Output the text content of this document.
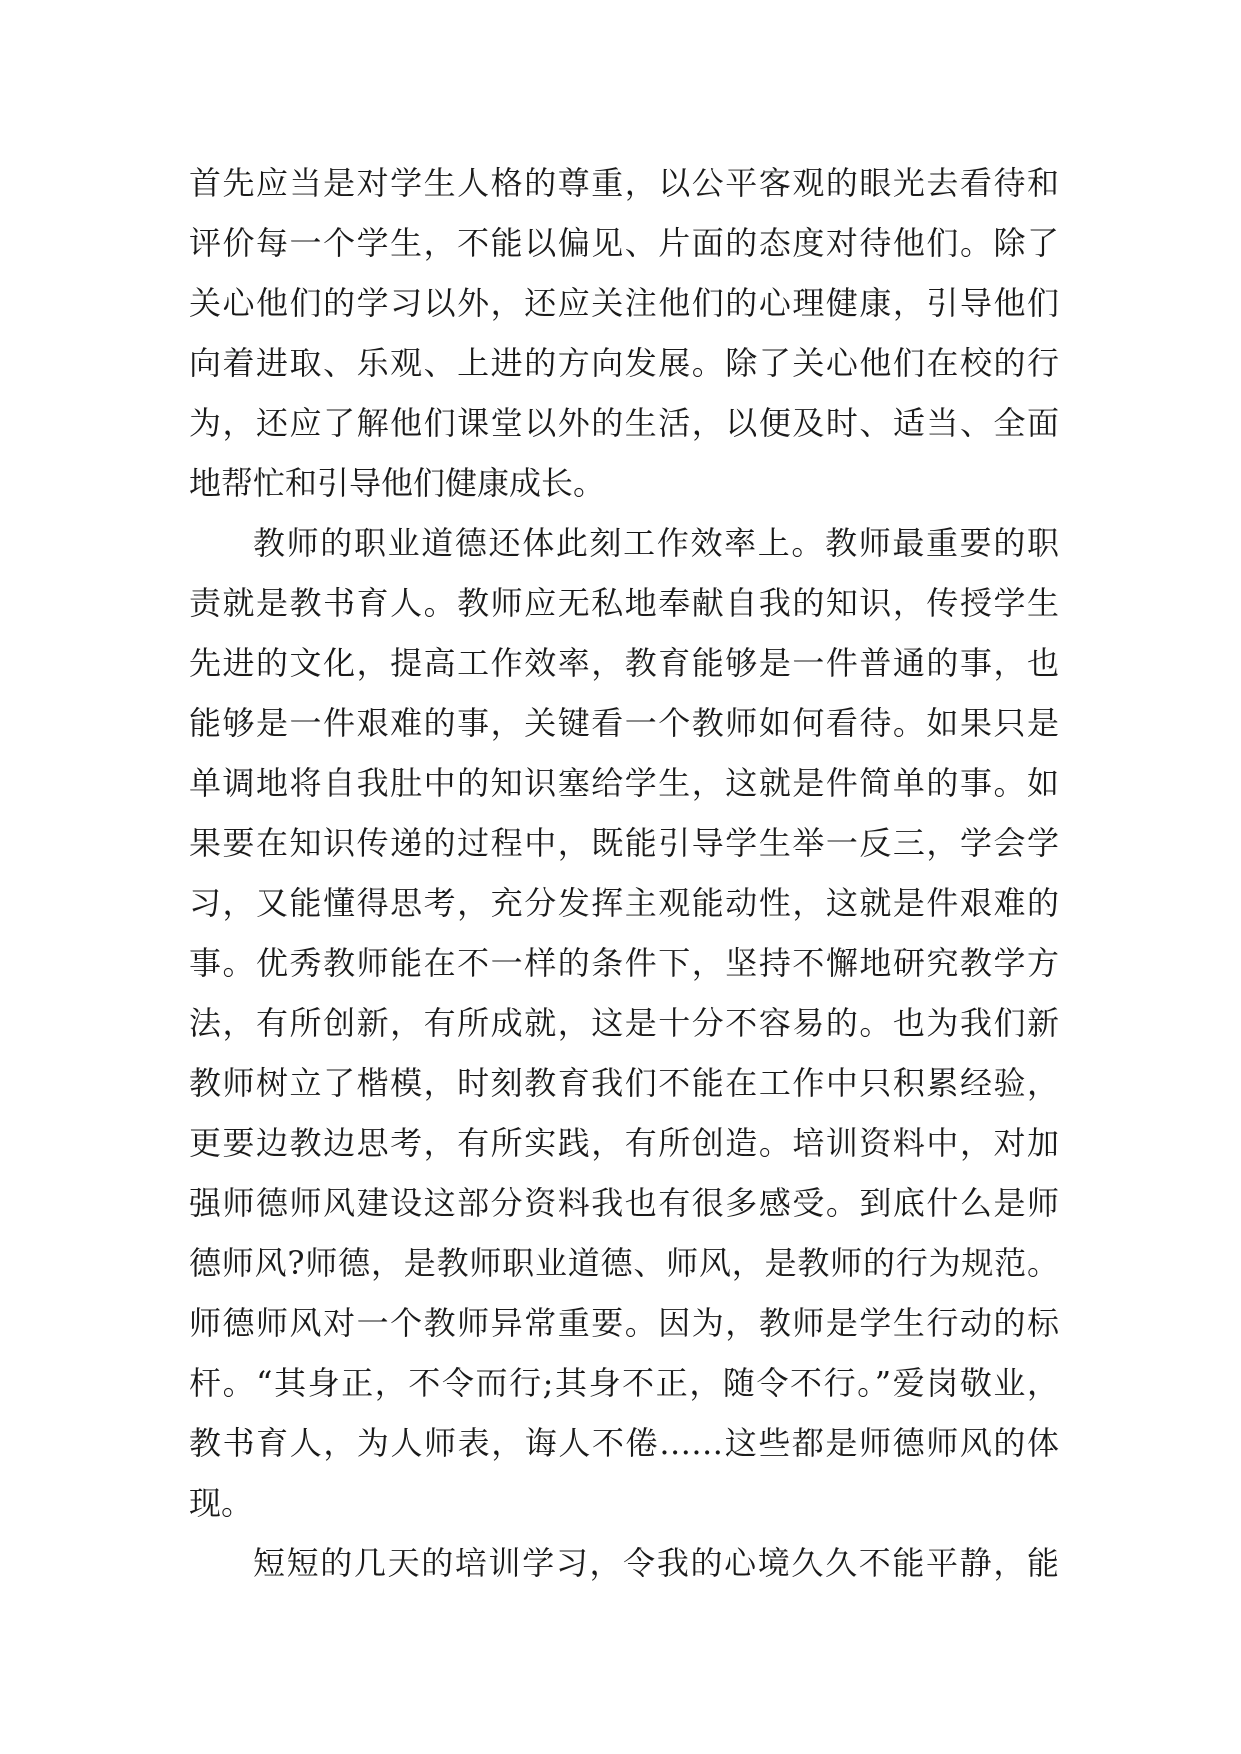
首先应当是对学生人格的尊重，以公平客观的眼光去看待和
评价每一个学生，不能以偏见、片面的态度对待他们。除了
关心他们的学习以外，还应关注他们的心理健康，引导他们
向着进取、乐观、上进的方向发展。除了关心他们在校的行
为，还应了解他们课堂以外的生活，以便及时、适当、全面
地帮忙和引导他们健康成长。
教师的职业道德还体此刻工作效率上。教师最重要的职
责就是教书育人。教师应无私地奉献自我的知识，传授学生
先进的文化，提高工作效率，教育能够是一件普通的事，也
能够是一件艰难的事，关键看一个教师如何看待。如果只是
单调地将自我肚中的知识塞给学生，这就是件简单的事。如
果要在知识传递的过程中，既能引导学生举一反三，学会学
习，又能懂得思考，充分发挥主观能动性，这就是件艰难的
事。优秀教师能在不一样的条件下，坚持不懈地研究教学方
法，有所创新，有所成就，这是十分不容易的。也为我们新
教师树立了楷模，时刻教育我们不能在工作中只积累经验，
更要边教边思考，有所实践，有所创造。培训资料中，对加
强师德师风建设这部分资料我也有很多感受。到底什么是师
德师风?师德，是教师职业道德、师风，是教师的行为规范。
师德师风对一个教师异常重要。因为，教师是学生行动的标
杆。“其身正，不令而行;其身不正，随令不行。”爱岗敬业，
教书育人，为人师表，诲人不倦……这些都是师德师风的体
现。
短短的几天的培训学习，令我的心境久久不能平静，能
